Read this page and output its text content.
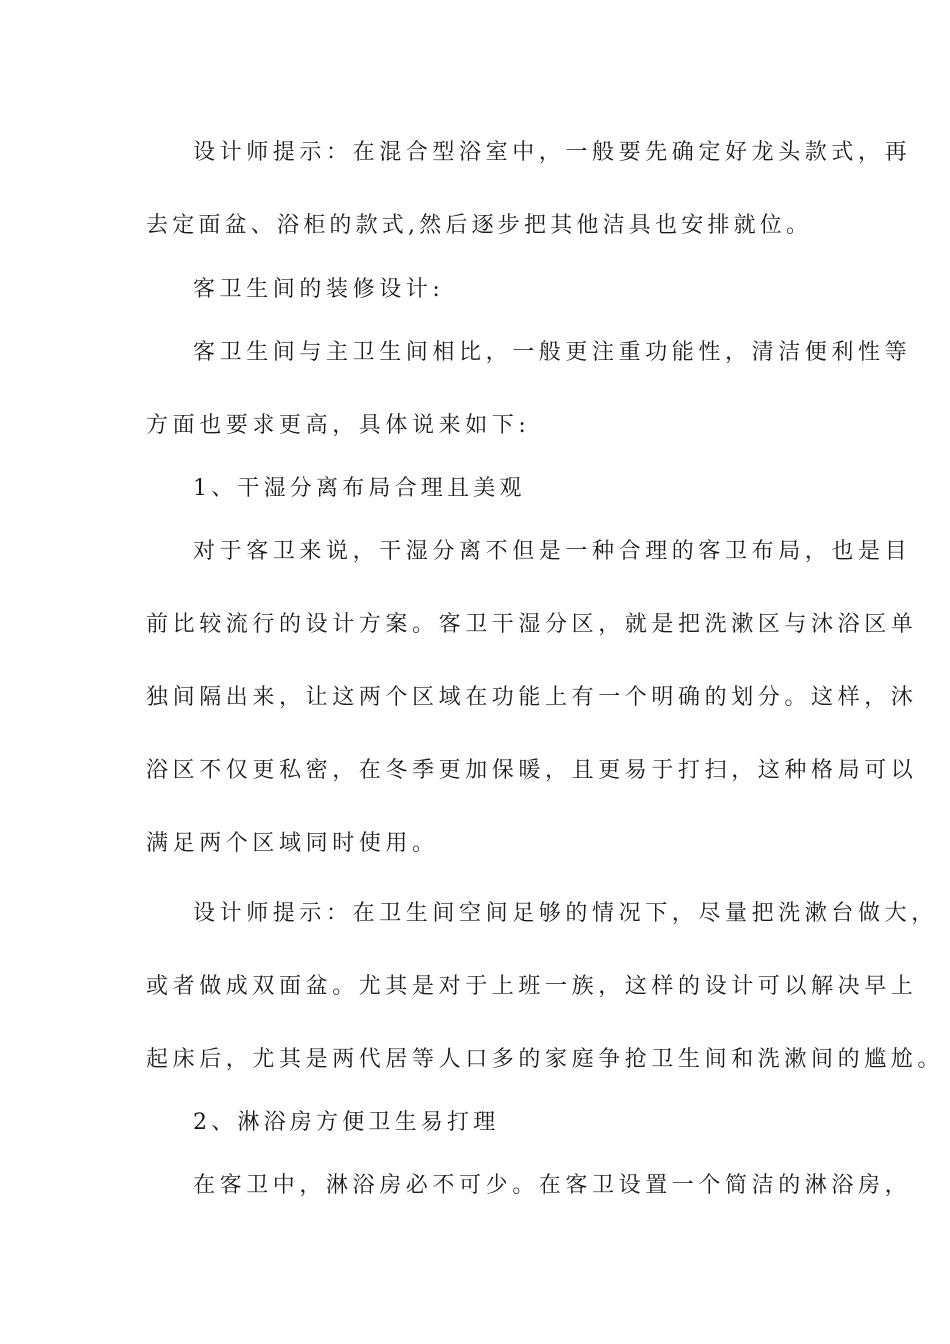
设计师提示：在混合型浴室中，一般要先确定好龙头款式，再
去定面盆、浴柜的款式,然后逐步把其他洁具也安排就位。
客卫生间的装修设计:
客卫生间与主卫生间相比，一般更注重功能性，清洁便利性等
方面也要求更高，具体说来如下:
1、干湿分离布局合理且美观
对于客卫来说，干湿分离不但是一种合理的客卫布局，也是目
前比较流行的设计方案。客卫干湿分区，就是把洗漱区与沐浴区单
独间隔出来，让这两个区域在功能上有一个明确的划分。这样，沐
浴区不仅更私密，在冬季更加保暖，且更易于打扫，这种格局可以
满足两个区域同时使用。
设计师提示：在卫生间空间足够的情况下，尽量把洗漱台做大，
或者做成双面盆。尤其是对于上班一族，这样的设计可以解决早上
起床后，尤其是两代居等人口多的家庭争抢卫生间和洗漱间的尴尬。
2、淋浴房方便卫生易打理
在客卫中，淋浴房必不可少。在客卫设置一个简洁的淋浴房，
